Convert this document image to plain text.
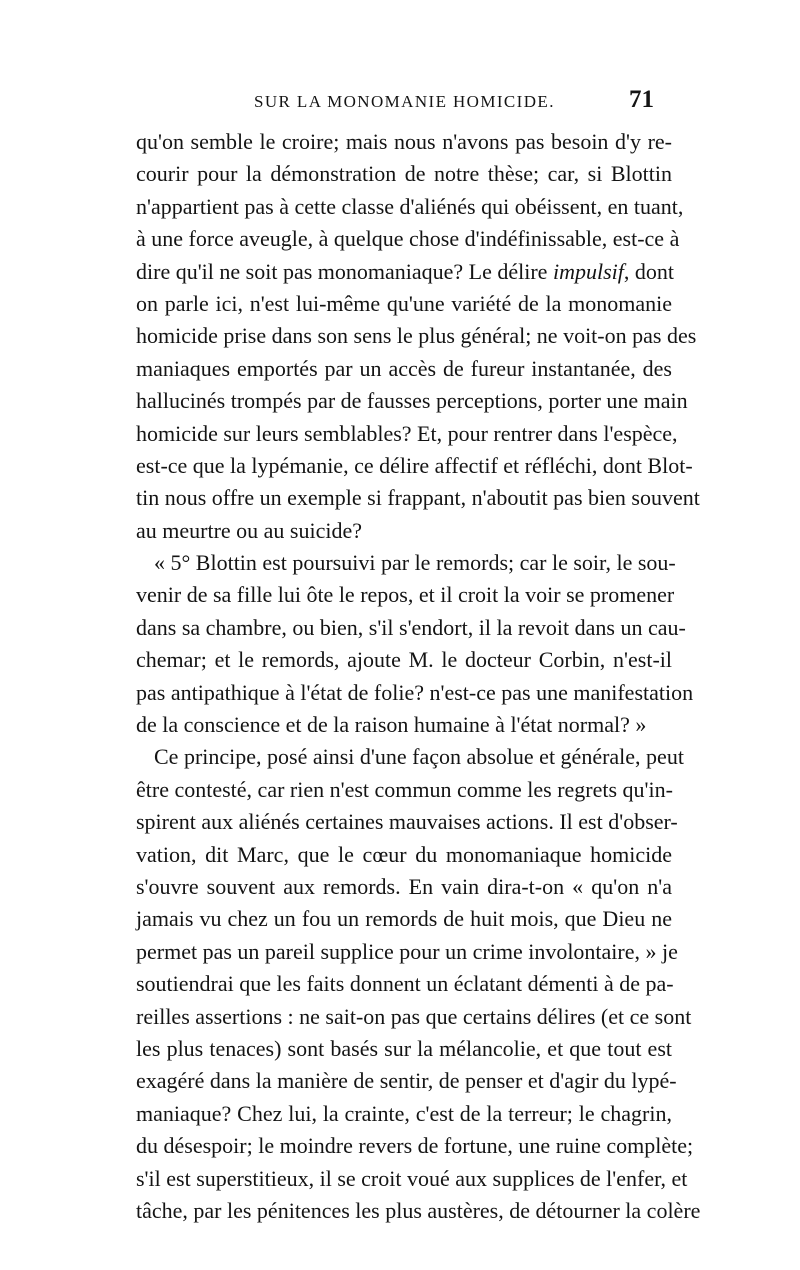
SUR LA MONOMANIE HOMICIDE.	71
qu'on semble le croire; mais nous n'avons pas besoin d'y re-
courir pour la démonstration de notre thèse; car, si Blottin
n'appartient pas à cette classe d'aliénés qui obéissent, en tuant,
à une force aveugle, à quelque chose d'indéfinissable, est-ce à
dire qu'il ne soit pas monomaniaque? Le délire impulsif, dont
on parle ici, n'est lui-même qu'une variété de la monomanie
homicide prise dans son sens le plus général; ne voit-on pas des
maniaques emportés par un accès de fureur instantanée, des
hallucinés trompés par de fausses perceptions, porter une main
homicide sur leurs semblables? Et, pour rentrer dans l'espèce,
est-ce que la lypémanie, ce délire affectif et réfléchi, dont Blot-
tin nous offre un exemple si frappant, n'aboutit pas bien souvent
au meurtre ou au suicide?
« 5° Blottin est poursuivi par le remords; car le soir, le sou-
venir de sa fille lui ôte le repos, et il croit la voir se promener
dans sa chambre, ou bien, s'il s'endort, il la revoit dans un cau-
chemar; et le remords, ajoute M. le docteur Corbin, n'est-il
pas antipathique à l'état de folie? n'est-ce pas une manifestation
de la conscience et de la raison humaine à l'état normal? »
Ce principe, posé ainsi d'une façon absolue et générale, peut
être contesté, car rien n'est commun comme les regrets qu'in-
spirent aux aliénés certaines mauvaises actions. Il est d'obser-
vation, dit Marc, que le cœur du monomaniaque homicide
s'ouvre souvent aux remords. En vain dira-t-on « qu'on n'a
jamais vu chez un fou un remords de huit mois, que Dieu ne
permet pas un pareil supplice pour un crime involontaire, » je
soutiendrai que les faits donnent un éclatant démenti à de pa-
reilles assertions : ne sait-on pas que certains délires (et ce sont
les plus tenaces) sont basés sur la mélancolie, et que tout est
exagéré dans la manière de sentir, de penser et d'agir du lypé-
maniaque? Chez lui, la crainte, c'est de la terreur; le chagrin,
du désespoir; le moindre revers de fortune, une ruine complète;
s'il est superstitieux, il se croit voué aux supplices de l'enfer, et
tâche, par les pénitences les plus austères, de détourner la colère
